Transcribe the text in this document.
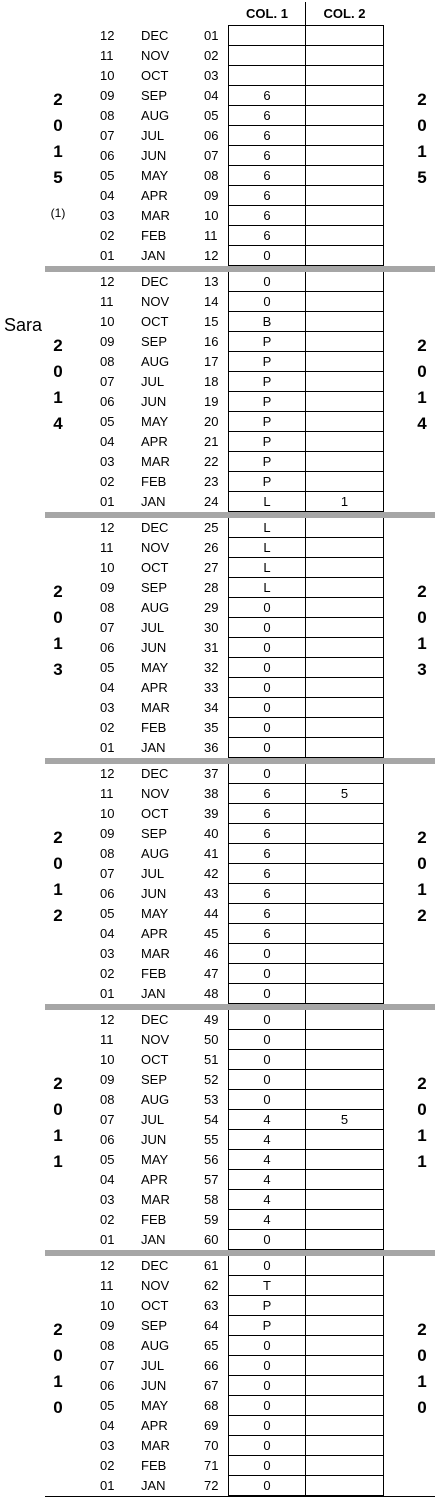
COL. 1	COL. 2
Sara
12	DEC	01
11	NOV	02
10	OCT	03
09	SEP	04	6
08	AUG	05	6
07	JUL	06	6
06	JUN	07	6
05	MAY	08	6
04	APR	09	6
03	MAR	10	6
02	FEB	11	6
01	JAN	12	0
2	2
0	0
1	1
5	5
12	DEC	13	0
11	NOV	14	0
10	OCT	15	B
09	SEP	16	P
08	AUG	17	P
07	JUL	18	P
06	JUN	19	P
05	MAY	20	P
04	APR	21	P
03	MAR	22	P
02	FEB	23	P
01	JAN	24	L	1
2	2
0	0
1	1
4	4
12	DEC	25	L
11	NOV	26	L
10	OCT	27	L
09	SEP	28	L
08	AUG	29	0
07	JUL	30	0
06	JUN	31	0
05	MAY	32	0
04	APR	33	0
03	MAR	34	0
02	FEB	35	0
01	JAN	36	0
2	2
0	0
1	1
3	3
12	DEC	37	0
11	NOV	38	6	5
10	OCT	39	6
09	SEP	40	6
08	AUG	41	6
07	JUL	42	6
06	JUN	43	6
05	MAY	44	6
04	APR	45	6
03	MAR	46	0
02	FEB	47	0
01	JAN	48	0
2	2
0	0
1	1
2	2
12	DEC	49	0
11	NOV	50	0
10	OCT	51	0
09	SEP	52	0
08	AUG	53	0
07	JUL	54	4	5
06	JUN	55	4
05	MAY	56	4
04	APR	57	4
03	MAR	58	4
02	FEB	59	4
01	JAN	60	0
2	2
0	0
1	1
1	1
12	DEC	61	0
11	NOV	62	T
10	OCT	63	P
09	SEP	64	P
08	AUG	65	0
07	JUL	66	0
06	JUN	67	0
05	MAY	68	0
04	APR	69	0
03	MAR	70	0
02	FEB	71	0
01	JAN	72	0
2	2
0	0
1	1
0	0
(1)
